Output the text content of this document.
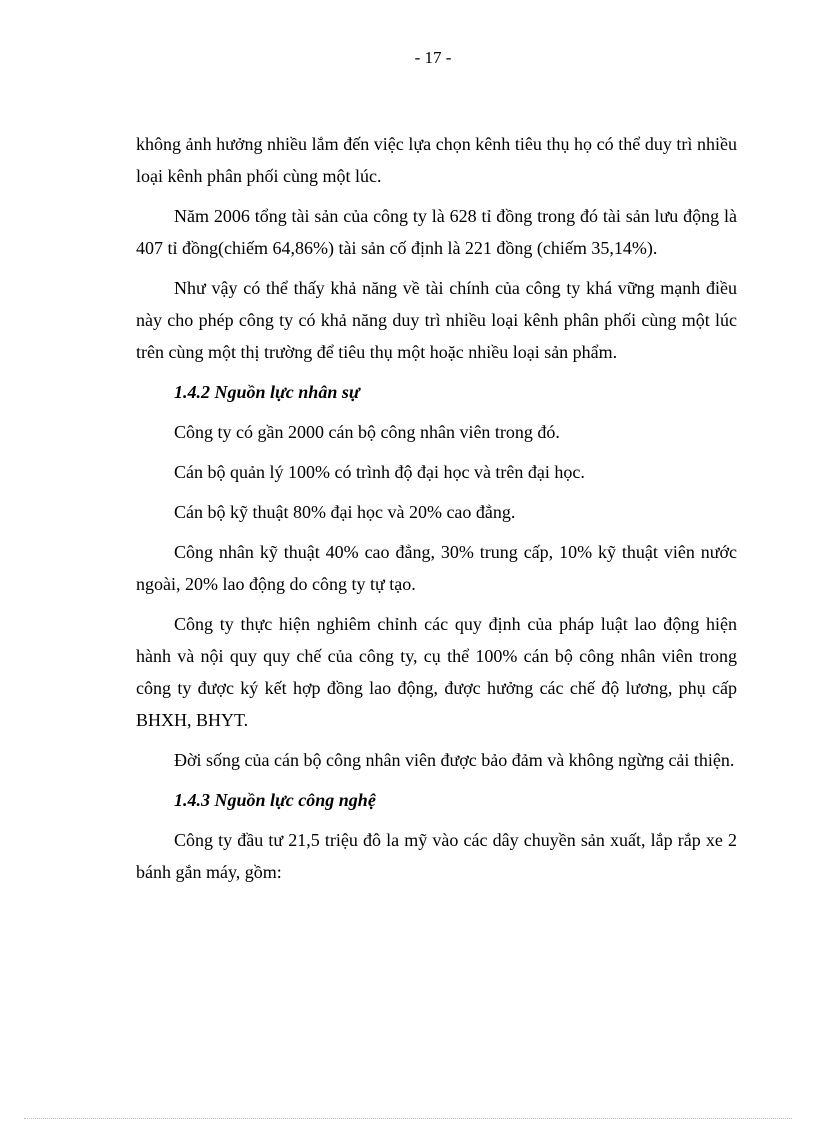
- 17 -

không ảnh hưởng nhiều lắm đến việc lựa chọn kênh tiêu thụ họ có thể duy trì nhiều loại kênh phân phối cùng một lúc.

Năm 2006 tổng tài sản của công ty là 628 tỉ đồng trong đó tài sản lưu động là 407 tỉ đồng(chiếm 64,86%) tài sản cố định là 221 đồng (chiếm 35,14%).

Như vậy có thể thấy khả năng về tài chính của công ty khá vững mạnh điều này cho phép công ty có khả năng duy trì nhiều loại kênh phân phối cùng một lúc trên cùng một thị trường để tiêu thụ một hoặc nhiều loại sản phẩm.

1.4.2 Nguồn lực nhân sự

Công ty có gần 2000 cán bộ công nhân viên trong đó.

Cán bộ quản lý 100% có trình độ đại học và trên đại học.

Cán bộ kỹ thuật 80% đại học và 20% cao đẳng.

Công nhân kỹ thuật 40% cao đẳng, 30% trung cấp, 10% kỹ thuật viên nước ngoài, 20% lao động do công ty tự tạo.

Công ty thực hiện nghiêm chỉnh các quy định của pháp luật lao động hiện hành và nội quy quy chế của công ty, cụ thể 100% cán bộ công nhân viên trong công ty được ký kết hợp đồng lao động, được hưởng các chế độ lương, phụ cấp BHXH, BHYT.

Đời sống của cán bộ công nhân viên được bảo đảm và không ngừng cải thiện.

1.4.3 Nguồn lực công nghệ

Công ty đầu tư 21,5 triệu đô la mỹ vào các dây chuyền sản xuất, lắp rắp xe 2 bánh gắn máy, gồm:
